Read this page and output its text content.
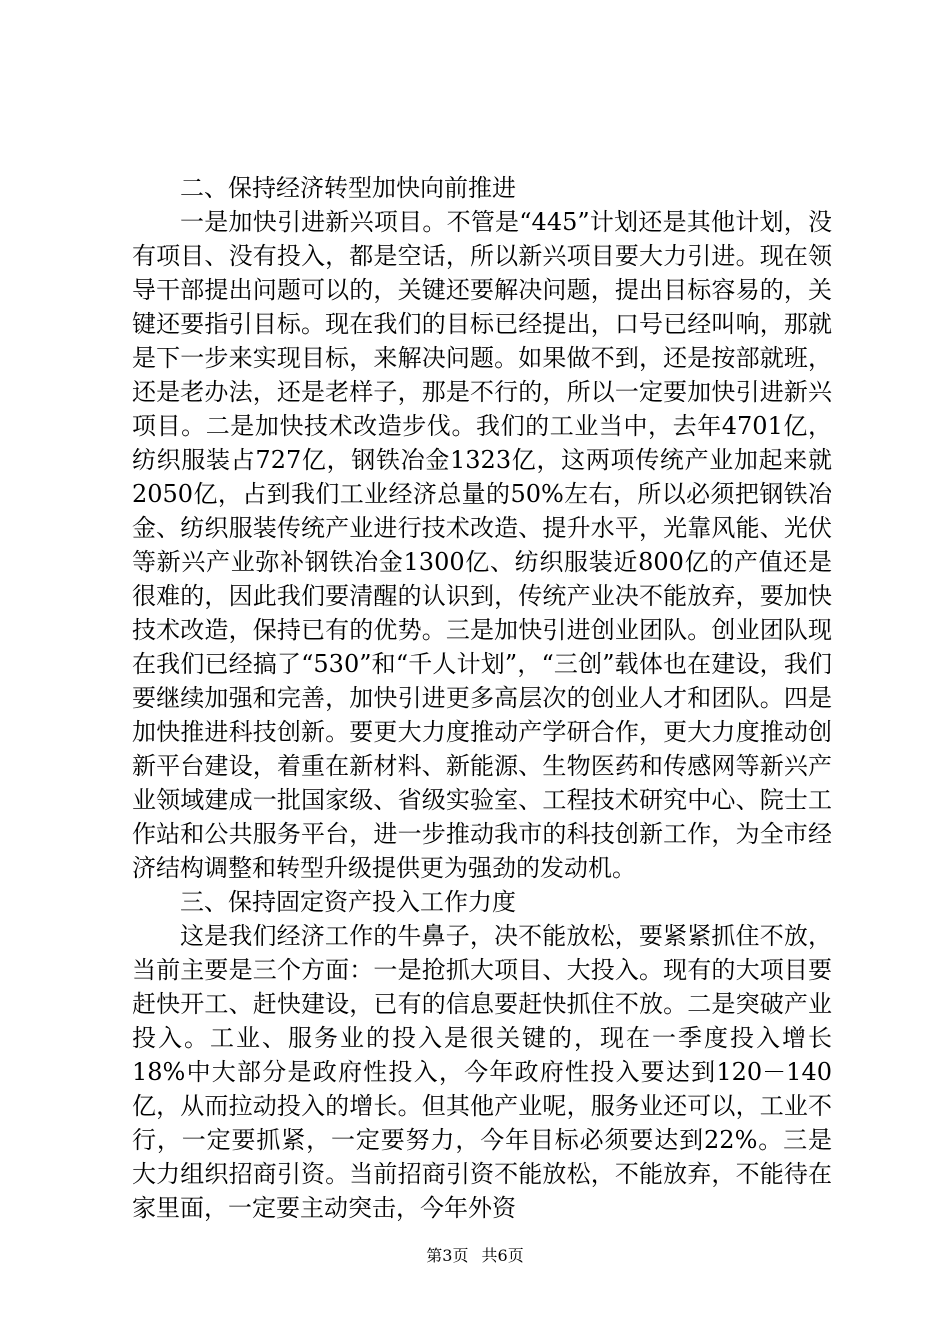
二、保持经济转型加快向前推进

一是加快引进新兴项目。不管是“445”计划还是其他计划，没有项目、没有投入，都是空话，所以新兴项目要大力引进。现在领导干部提出问题可以的，关键还要解决问题，提出目标容易的，关键还要指引目标。现在我们的目标已经提出，口号已经叫响，那就是下一步来实现目标，来解决问题。如果做不到，还是按部就班，还是老办法，还是老样子，那是不行的，所以一定要加快引进新兴项目。二是加快技术改造步伐。我们的工业当中，去年4701亿，纺织服装占727亿，钢铁冶金1323亿，这两项传统产业加起来就2050亿，占到我们工业经济总量的50%左右，所以必须把钢铁冶金、纺织服装传统产业进行技术改造、提升水平，光靠风能、光伏等新兴产业弥补钢铁冶金1300亿、纺织服装近800亿的产值还是很难的，因此我们要清醒的认识到，传统产业决不能放弃，要加快技术改造，保持已有的优势。三是加快引进创业团队。创业团队现在我们已经搞了“530”和“千人计划”，“三创”载体也在建设，我们要继续加强和完善，加快引进更多高层次的创业人才和团队。四是加快推进科技创新。要更大力度推动产学研合作，更大力度推动创新平台建设，着重在新材料、新能源、生物医药和传感网等新兴产业领域建成一批国家级、省级实验室、工程技术研究中心、院士工作站和公共服务平台，进一步推动我市的科技创新工作，为全市经济结构调整和转型升级提供更为强劲的发动机。

三、保持固定资产投入工作力度

这是我们经济工作的牛鼻子，决不能放松，要紧紧抓住不放，当前主要是三个方面：一是抢抓大项目、大投入。现有的大项目要赶快开工、赶快建设，已有的信息要赶快抓住不放。二是突破产业投入。工业、服务业的投入是很关键的，现在一季度投入增长18%中大部分是政府性投入，今年政府性投入要达到120－140亿，从而拉动投入的增长。但其他产业呢，服务业还可以，工业不行，一定要抓紧，一定要努力，今年目标必须要达到22%。三是大力组织招商引资。当前招商引资不能放松，不能放弃，不能待在家里面，一定要主动突击，今年外资

第3页 共6页
